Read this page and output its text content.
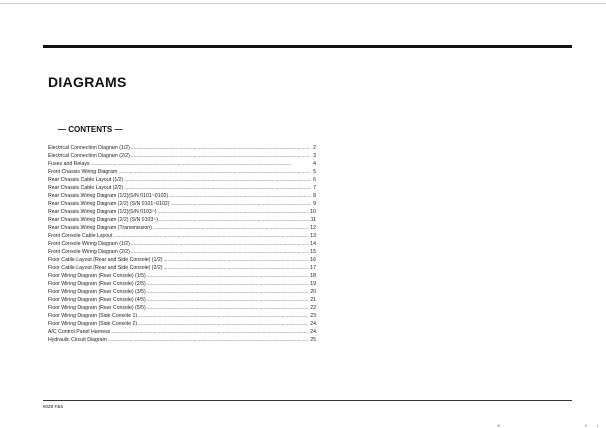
DIAGRAMS
— CONTENTS —
Electrical Connection Diagram (1/2) . . .	2
Electrical Connection Diagram (2/2) . . .	3
Fuses and Relays . . .	4
Front Chassis Wiring Diagram . . .	5
Rear Chassis Cable Layout (1/2) . . .	6
Rear Chassis Cable Layout (2/2) . . .	7
Rear Chassis Wiring Diagram (1/2)(S/N 0101~0102) . . .	8
Rear Chassis Wiring Diagram (2/2) (S/N 0101~0102) . . .	9
Rear Chassis Wiring Diagram (1/2)(S/N 0103~) . . .	10
Rear Chassis Wiring Diagram (2/2) (S/N 0103~) . . .	11
Rear Chassis Wiring Diagram (Transmission) . . .	12
Front Console Cable Layout . . .	13
Front Console Wiring Diagram (1/2) . . .	14
Front Console Wiring Diagram (2/2) . . .	15
Floor Cable Layout (Rear and Side Console) (1/2) . . .	16
Floor Cable Layout (Rear and Side Console) (2/2) . . .	17
Floor Wiring Diagram (Rear Console) (1/5) . . .	18
Floor Wiring Diagram (Rear Console) (2/5) . . .	19
Floor Wiring Diagram (Rear Console) (3/5) . . .	20
Floor Wiring Diagram (Rear Console) (4/5) . . .	21
Floor Wiring Diagram (Rear Console) (5/5) . . .	22
Floor Wiring Diagram (Side Console 1) . . .	23
Floor Wiring Diagram (Side Console 2) . . .	24
A/C Control Panel Harness . . .	24
Hydraulic Circuit Diagram . . .	25
90Z9 F&S
W	K	L
